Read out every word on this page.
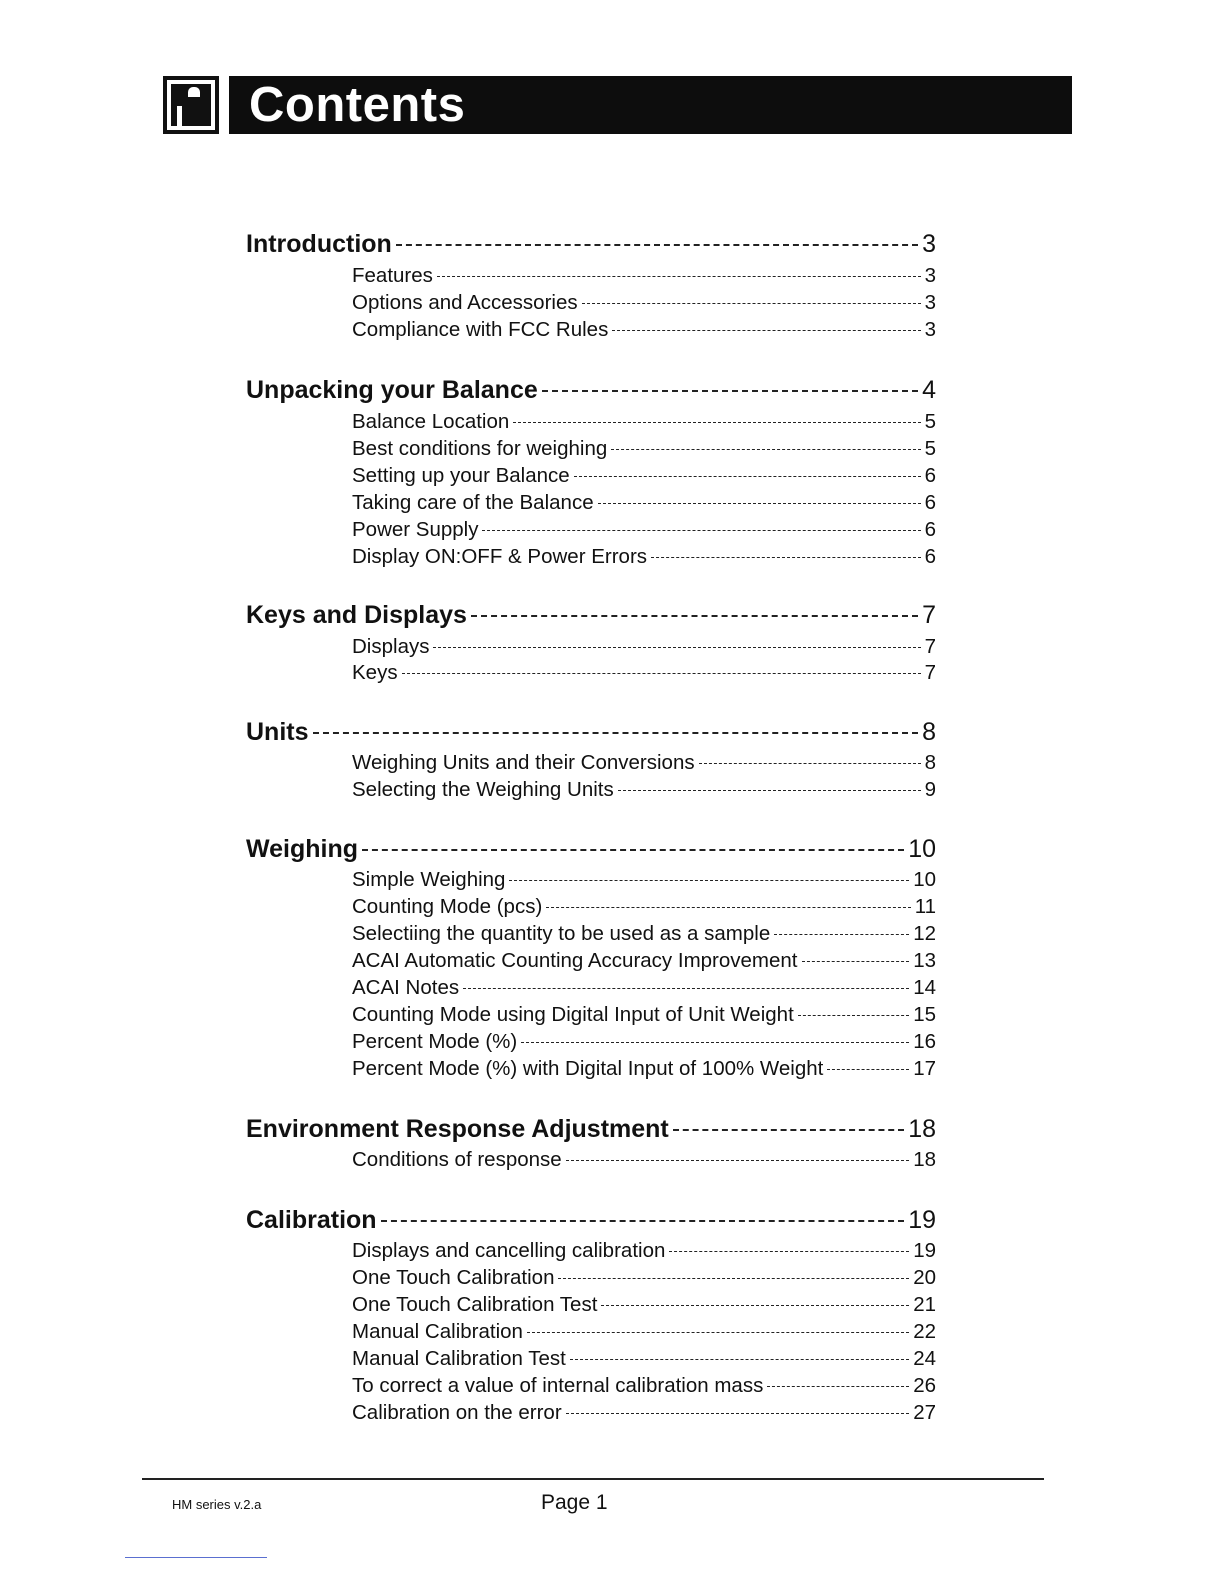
Contents
Introduction	3
Features	3
Options and Accessories	3
Compliance with FCC Rules	3
Unpacking your Balance	4
Balance Location	5
Best conditions for weighing	5
Setting up your Balance	6
Taking care of the Balance	6
Power Supply	6
Display ON:OFF & Power Errors	6
Keys and Displays	7
Displays	7
Keys	7
Units	8
Weighing Units and their Conversions	8
Selecting the Weighing Units	9
Weighing	10
Simple Weighing	10
Counting Mode (pcs)	11
Selectiing the quantity to be used as a sample	12
ACAI Automatic Counting Accuracy Improvement	13
ACAI Notes	14
Counting Mode using Digital Input of Unit Weight	15
Percent Mode (%)	16
Percent Mode (%) with Digital Input of 100% Weight	17
Environment Response Adjustment	18
Conditions of response	18
Calibration	19
Displays and cancelling calibration	19
One Touch Calibration	20
One Touch Calibration Test	21
Manual Calibration	22
Manual Calibration Test	24
To correct a value of internal calibration mass	26
Calibration on the error	27
HM series v.2.a	Page 1
